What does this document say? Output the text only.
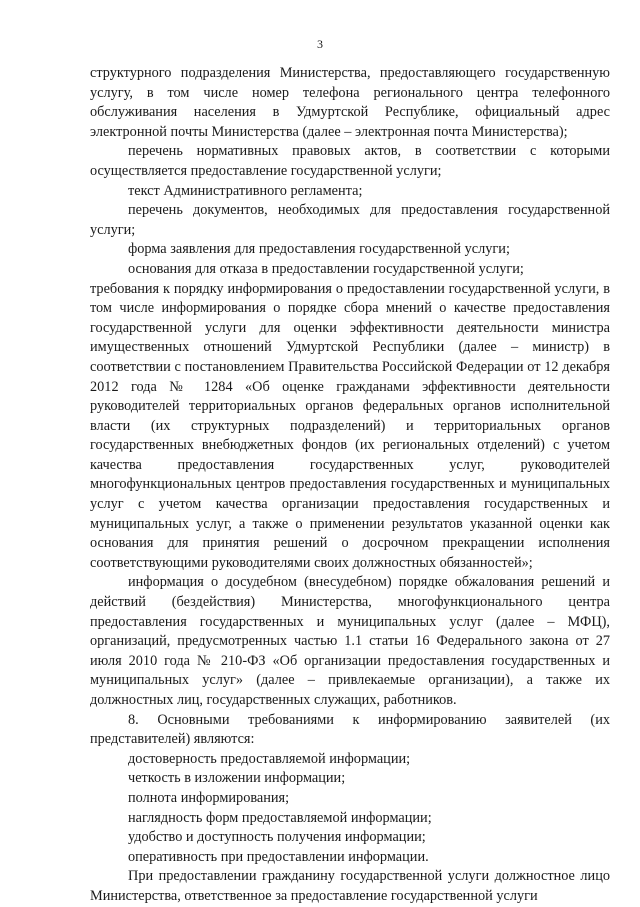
3

структурного подразделения Министерства, предоставляющего государственную услугу, в том числе номер телефона регионального центра телефонного обслуживания населения в Удмуртской Республике, официальный адрес электронной почты Министерства (далее – электронная почта Министерства);

перечень нормативных правовых актов, в соответствии с которыми осуществляется предоставление государственной услуги;

текст Административного регламента;

перечень документов, необходимых для предоставления государственной услуги;

форма заявления для предоставления государственной услуги;

основания для отказа в предоставлении государственной услуги;

требования к порядку информирования о предоставлении государственной услуги, в том числе информирования о порядке сбора мнений о качестве предоставления государственной услуги для оценки эффективности деятельности министра имущественных отношений Удмуртской Республики (далее – министр) в соответствии с постановлением Правительства Российской Федерации от 12 декабря 2012 года № 1284 «Об оценке гражданами эффективности деятельности руководителей территориальных органов федеральных органов исполнительной власти (их структурных подразделений) и территориальных органов государственных внебюджетных фондов (их региональных отделений) с учетом качества предоставления государственных услуг, руководителей многофункциональных центров предоставления государственных и муниципальных услуг с учетом качества организации предоставления государственных и муниципальных услуг, а также о применении результатов указанной оценки как основания для принятия решений о досрочном прекращении исполнения соответствующими руководителями своих должностных обязанностей»;

информация о досудебном (внесудебном) порядке обжалования решений и действий (бездействия) Министерства, многофункционального центра предоставления государственных и муниципальных услуг (далее – МФЦ), организаций, предусмотренных частью 1.1 статьи 16 Федерального закона от 27 июля 2010 года № 210-ФЗ «Об организации предоставления государственных и муниципальных услуг» (далее – привлекаемые организации), а также их должностных лиц, государственных служащих, работников.

8. Основными требованиями к информированию заявителей (их представителей) являются:

достоверность предоставляемой информации;

четкость в изложении информации;

полнота информирования;

наглядность форм предоставляемой информации;

удобство и доступность получения информации;

оперативность при предоставлении информации.

При предоставлении гражданину государственной услуги должностное лицо Министерства, ответственное за предоставление государственной услуги
